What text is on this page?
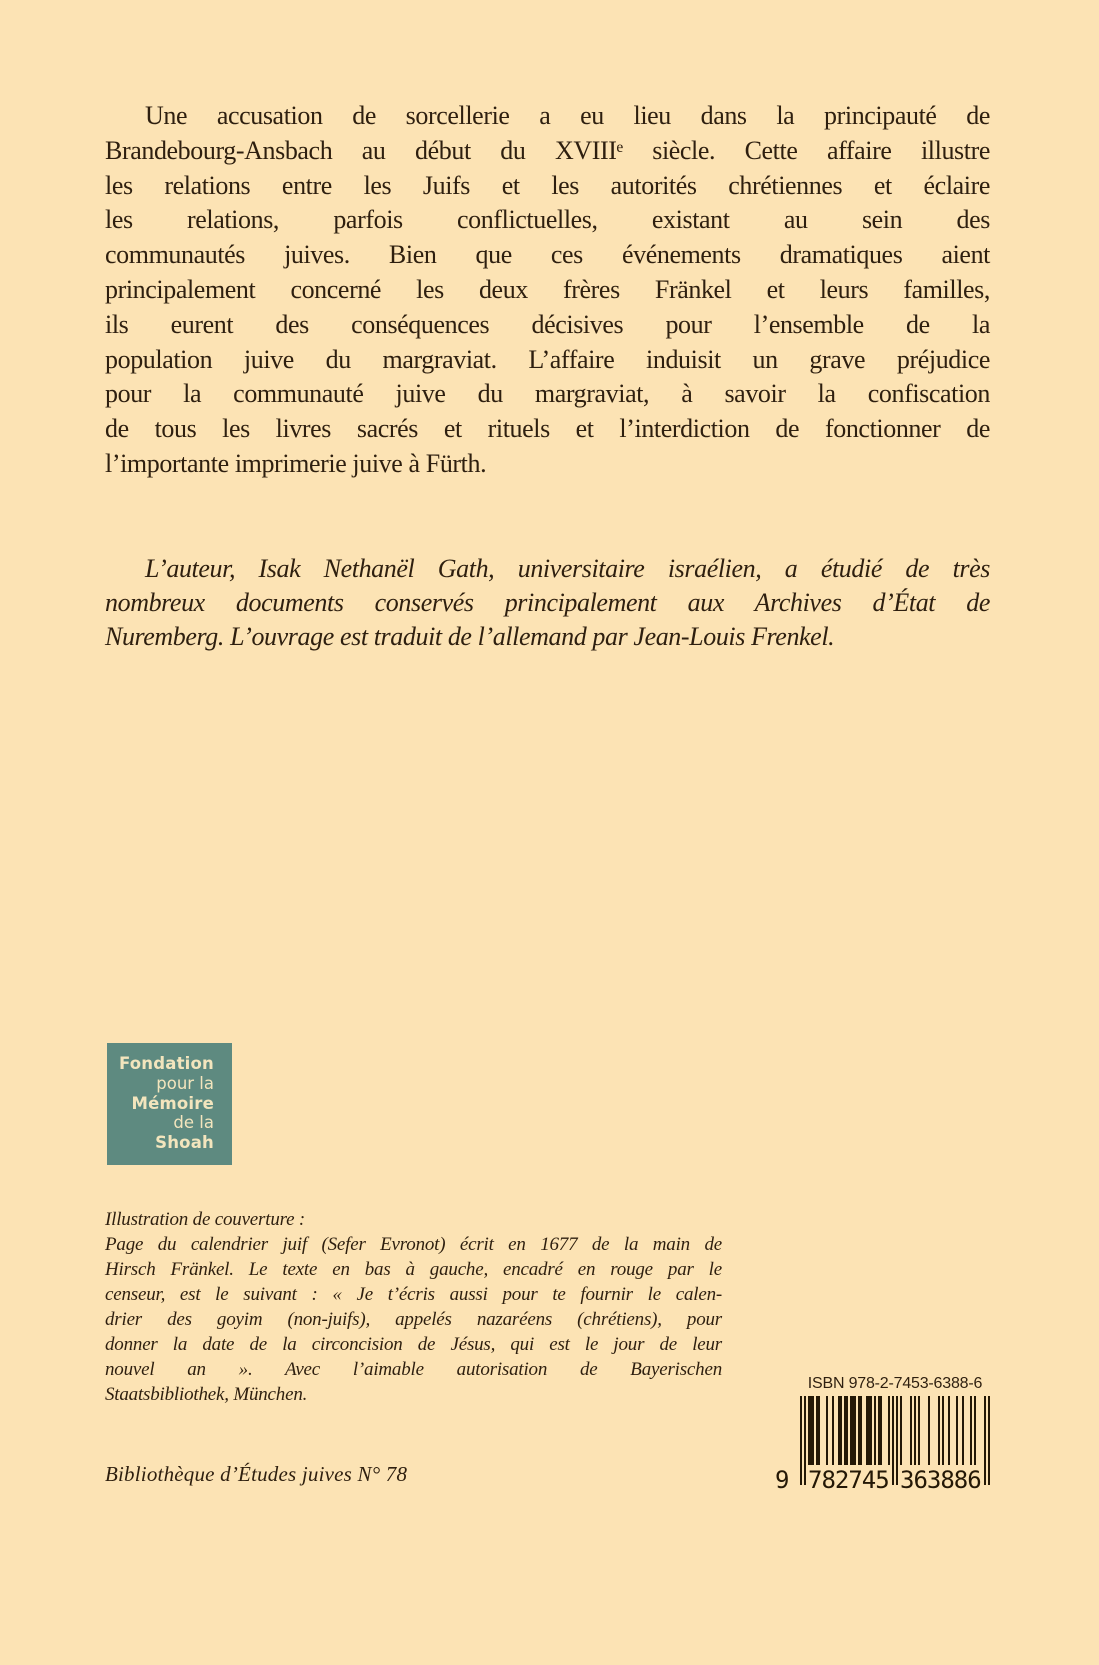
Une accusation de sorcellerie a eu lieu dans la principauté de
Brandebourg-Ansbach au début du XVIIIᵉ siècle. Cette affaire illustre
les relations entre les Juifs et les autorités chrétiennes et éclaire
les relations, parfois conflictuelles, existant au sein des
communautés juives. Bien que ces événements dramatiques aient
principalement concerné les deux frères Fränkel et leurs familles,
ils eurent des conséquences décisives pour l’ensemble de la
population juive du margraviat. L’affaire induisit un grave préjudice
pour la communauté juive du margraviat, à savoir la confiscation
de tous les livres sacrés et rituels et l’interdiction de fonctionner de
l’importante imprimerie juive à Fürth.
L’auteur, Isak Nethanël Gath, universitaire israélien, a étudié de très
nombreux documents conservés principalement aux Archives d’État de
Nuremberg. L’ouvrage est traduit de l’allemand par Jean-Louis Frenkel.
Fondation
pour la
Mémoire
de la
Shoah
Illustration de couverture :
Page du calendrier juif (Sefer Evronot) écrit en 1677 de la main de
Hirsch Fränkel. Le texte en bas à gauche, encadré en rouge par le
censeur, est le suivant : « Je t’écris aussi pour te fournir le calen-
drier des goyim (non-juifs), appelés nazaréens (chrétiens), pour
donner la date de la circoncision de Jésus, qui est le jour de leur
nouvel an ». Avec l’aimable autorisation de Bayerischen
Staatsbibliothek, München.
Bibliothèque d’Études juives N° 78
ISBN 978-2-7453-6388-6
9 782745 363886
